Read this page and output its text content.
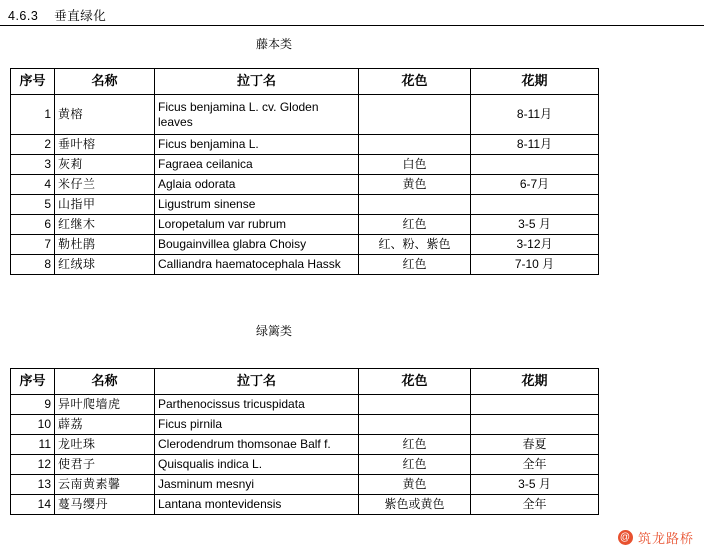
4.6.3 垂直绿化
藤本类
序号	名称	拉丁名	花色	花期
1	黄榕	Ficus benjamina L. cv. Gloden leaves		8-11月
2	垂叶榕	Ficus benjamina L.		8-11月
3	灰莉	Fagraea ceilanica	白色	
4	米仔兰	Aglaia odorata	黄色	6-7月
5	山指甲	Ligustrum sinense		
6	红继木	Loropetalum var rubrum	红色	3-5 月
7	勒杜鹃	Bougainvillea glabra Choisy	红、粉、紫色	3-12月
8	红绒球	Calliandra haematocephala Hassk	红色	7-10 月
绿篱类
序号	名称	拉丁名	花色	花期
9	异叶爬墙虎	Parthenocissus tricuspidata		
10	薜荔	Ficus pirnila		
11	龙吐珠	Clerodendrum thomsonae Balf f.	红色	春夏
12	使君子	Quisqualis indica L.	红色	全年
13	云南黄素馨	Jasminum mesnyi	黄色	3-5 月
14	蔓马缨丹	Lantana montevidensis	紫色或黄色	全年
@ 筑龙路桥
